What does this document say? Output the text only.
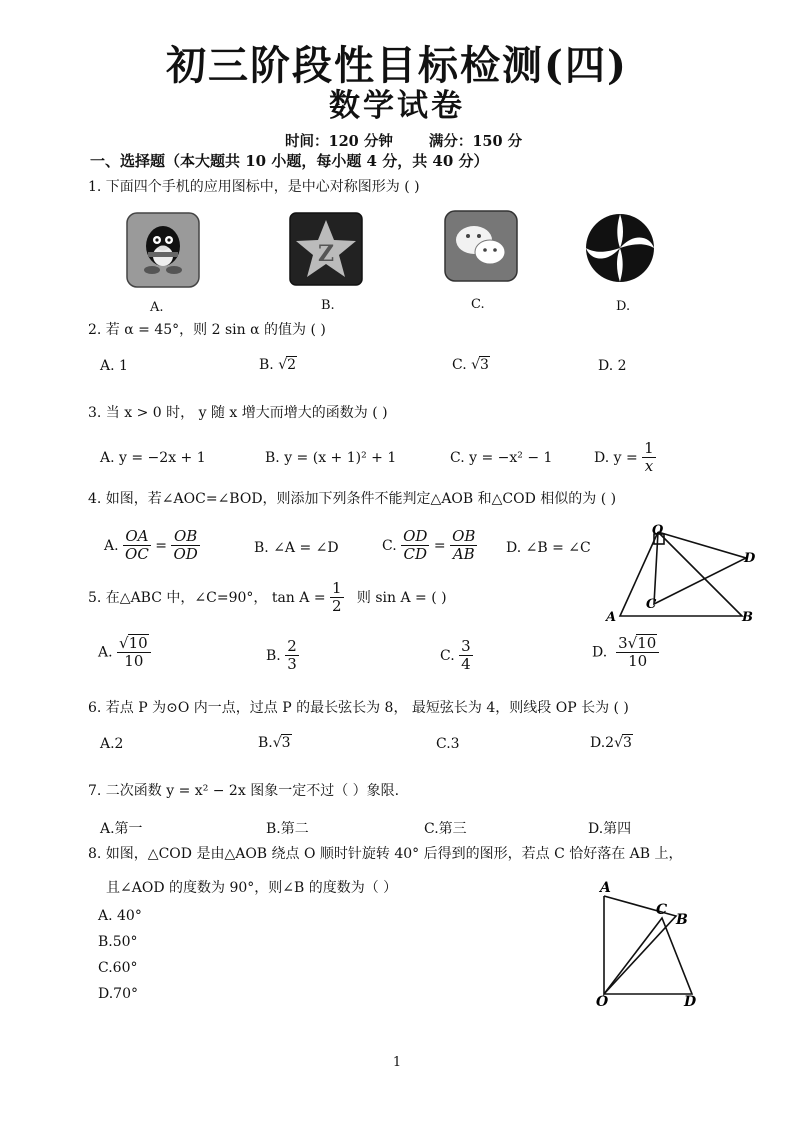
初三阶段性目标检测(四)
数学试卷
时间：120 分钟 满分：150 分
一、选择题（本大题共 10 小题，每小题 4 分，共 40 分）
1. 下面四个手机的应用图标中，是中心对称图形为 ( )
Z
A.	B.	C.	D.
2. 若 α = 45°，则 2 sin α 的值为 ( )
A. 1	B. √2	C. √3	D. 2
3. 当 x > 0 时， y 随 x 增大而增大的函数为 ( )
A. y = −2x + 1	B. y = (x + 1)² + 1	C. y = −x² − 1	D. $y = \frac{1}{x}$
4. 如图，若∠AOC=∠BOD，则添加下列条件不能判定△AOB 和△COD 相似的为 ( )
A. $\frac{OA}{OC} = \frac{OB}{OD}$	B. ∠A = ∠D	C. $\frac{OD}{CD} = \frac{OB}{AB} D$. ∠B = ∠C
O
D
C
A	B
5. 在△ABC 中，∠C=90°， $\tan A = \frac{1}{2}$ 则 sin A = ( )
A. $\frac{√10}{10}$	B. $\frac{2}{3}$	C. $\frac{3}{4}$	D. $\frac{3√10}{10}$
6. 若点 P 为⊙O 内一点，过点 P 的最长弦长为 8， 最短弦长为 4，则线段 OP 长为 ( )
A.2	B.√3	C.3	D.2√3
7. 二次函数 y = x² − 2x 图象一定不过（ ）象限.
A.第一	B.第二	C.第三	D.第四
8. 如图，△COD 是由△AOB 绕点 O 顺时针旋转 40° 后得到的图形，若点 C 恰好落在 AB 上，
且∠AOD 的度数为 90°，则∠B 的度数为（ ）
A. 40°
B.50°
C.60°
D.70°
A
C
B
O	D
1
